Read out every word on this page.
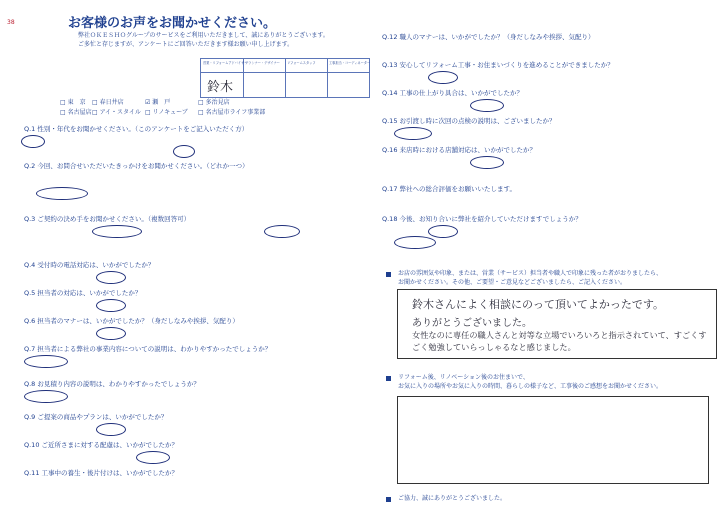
38	お客様のお声をお聞かせください。
弊社ＯＫＥＳＨＯグループのサービスをご利用いただきまして、誠にありがとうございます。
ご多忙と存じますが、アンケートにご回答いただきます様お願い申し上げます。
営業・リフォームアドバイザー
プランナー・デザイナー リフォームスタッフ	工事担当・コーディネーター
鈴木
□ 東　京 □ 春日井店	☑ 瀬　戸	□ 多治見店
□ 名古屋店 □ アイ・スタイル □ リノキューブ □ 名古屋市ライフ事業部
Q.1 性別・年代をお聞かせください。（このアンケートをご記入いただく方）
Q.2 今回、お問合せいただいたきっかけをお聞かせください。（どれか一つ）
Q.3 ご契約の決め手をお聞かせください。（複数回答可）
Q.4 受付時の電話対応は、いかがでしたか？
Q.5 担当者の対応は、いかがでしたか？
Q.6 担当者のマナーは、いかがでしたか？（身だしなみや挨拶、気配り）
Q.7 担当者による弊社の事業内容についての説明は、わかりやすかったでしょうか？
Q.8 お見積り内容の説明は、わかりやすかったでしょうか？
Q.9 ご提案の商品やプランは、いかがでしたか？
Q.10 ご近所さまに対する配慮は、いかがでしたか？
Q.11 工事中の養生・後片付けは、いかがでしたか？
Q.12 職人のマナーは、いかがでしたか？（身だしなみや挨拶、気配り）
Q.13 安心してリフォーム工事・お住まいづくりを進めることができましたか？
Q.14 工事の仕上がり具合は、いかがでしたか？
Q.15 お引渡し時に次回の点検の説明は、ございましたか？
Q.16 来店時における店舗対応は、いかがでしたか？
Q.17 弊社への総合評価をお願いいたします。
Q.18 今後、お知り合いに弊社を紹介していただけますでしょうか？
お店の雰囲気や印象、または、営業（サービス）担当者や職人で印象に残った者がおりましたら、
お聞かせください。その他、ご要望・ご意見などございましたら、ご記入ください。
鈴木さんによく相談にのって頂いてよかったです。
ありがとうございました。
女性なのに専任の職人さんと対等な立場でいろいろと指示されていて、すごくすごく勉強していらっしゃるなと感じました。
リフォーム後、リノベーション後のお住まいで、
お気に入りの場所やお気に入りの時間、暮らしの様子など、工事後のご感想をお聞かせください。
ご協力、誠にありがとうございました。
